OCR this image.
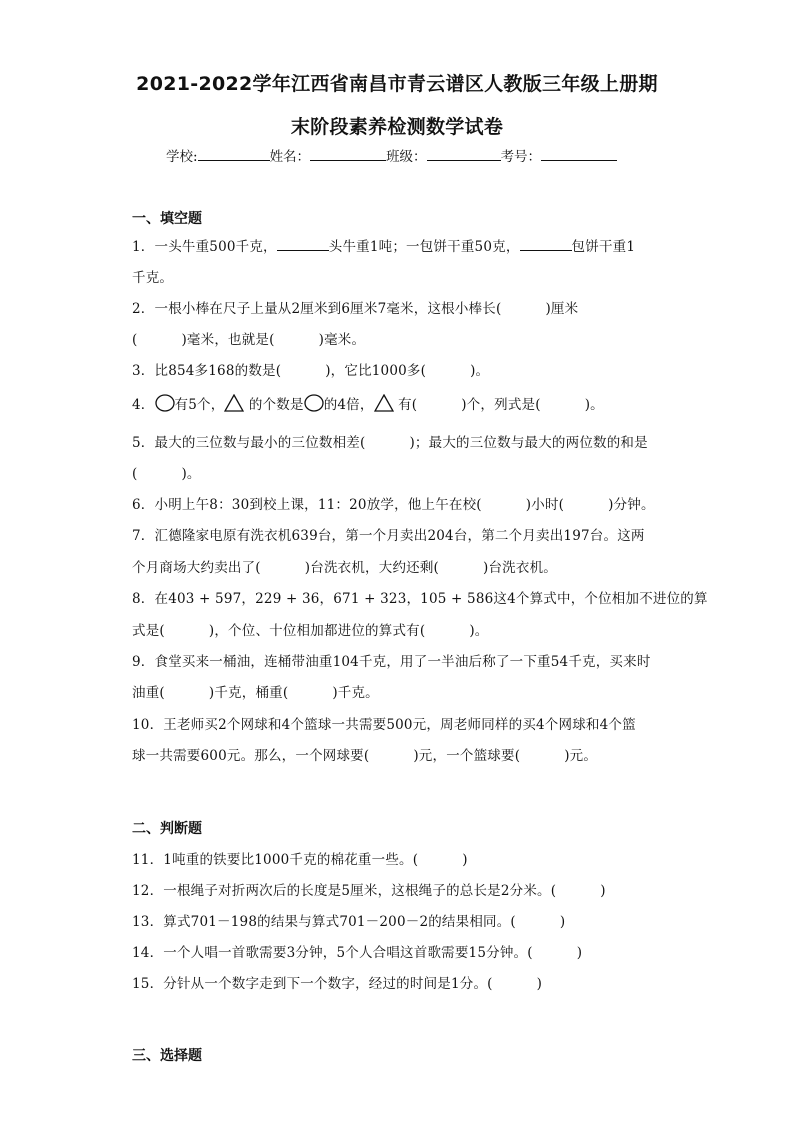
2021-2022学年江西省南昌市青云谱区人教版三年级上册期
末阶段素养检测数学试卷
学校:	姓名：	班级：	考号：
一、填空题
1．一头牛重500千克，	头牛重1吨；一包饼干重50克，	包饼干重1
千克。
2．一根小棒在尺子上量从2厘米到6厘米7毫米，这根小棒长(	)厘米
(	)毫米，也就是(	)毫米。
3．比854多168的数是(	)，它比1000多(	)。
4． 有5个， 的个数是 的4倍， 有(	)个，列式是(	)。
5．最大的三位数与最小的三位数相差(	)；最大的三位数与最大的两位数的和是
(	)。
6．小明上午8：30到校上课，11：20放学，他上午在校(	)小时(	)分钟。
7．汇德隆家电原有洗衣机639台，第一个月卖出204台，第二个月卖出197台。这两
个月商场大约卖出了(	)台洗衣机，大约还剩(	)台洗衣机。
8．在403 + 597，229 + 36，671 + 323，105 + 586这4个算式中，个位相加不进位的算
式是(	)，个位、十位相加都进位的算式有(	)。
9．食堂买来一桶油，连桶带油重104千克，用了一半油后称了一下重54千克，买来时
油重(	)千克，桶重(	)千克。
10．王老师买2个网球和4个篮球一共需要500元，周老师同样的买4个网球和4个篮
球一共需要600元。那么，一个网球要(	)元，一个篮球要(	)元。
二、判断题
11．1吨重的铁要比1000千克的棉花重一些。(	)
12．一根绳子对折两次后的长度是5厘米，这根绳子的总长是2分米。(	)
13．算式701－198的结果与算式701－200－2的结果相同。(	)
14．一个人唱一首歌需要3分钟，5个人合唱这首歌需要15分钟。(	)
15．分针从一个数字走到下一个数字，经过的时间是1分。(	)
三、选择题
